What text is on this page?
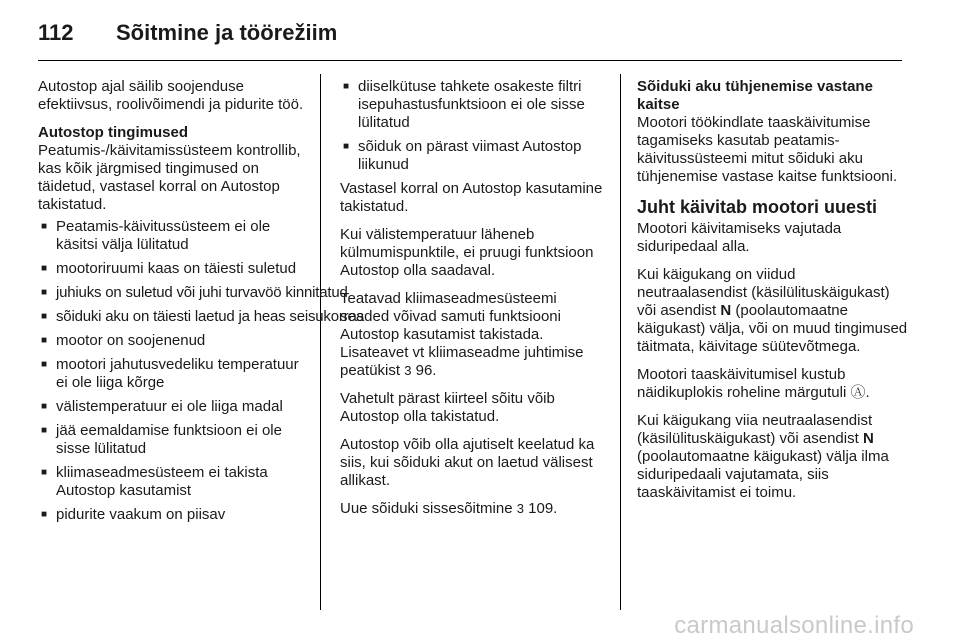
112	Sõitmine ja töörežiim

Autostop ajal säilib soojenduse efektiivsus, roolivõimendi ja pidurite töö.

Autostop tingimused
Peatumis-/käivitamissüsteem kontrollib, kas kõik järgmised tingimused on täidetud, vastasel korral on Autostop takistatud.

■ Peatamis-käivitussüsteem ei ole käsitsi välja lülitatud
■ mootoriruumi kaas on täiesti suletud
■ juhiuks on suletud või juhi turvavöö kinnitatud
■ sõiduki aku on täiesti laetud ja heas seisukorras
■ mootor on soojenenud
■ mootori jahutusvedeliku temperatuur ei ole liiga kõrge
■ välistemperatuur ei ole liiga madal
■ jää eemaldamise funktsioon ei ole sisse lülitatud
■ kliimaseadmesüsteem ei takista Autostop kasutamist
■ pidurite vaakum on piisav
■ diiselkütuse tahkete osakeste filtri isepuhastusfunktsioon ei ole sisse lülitatud
■ sõiduk on pärast viimast Autostop liikunud

Vastasel korral on Autostop kasutamine takistatud.

Kui välistemperatuur läheneb külmumispunktile, ei pruugi funktsioon Autostop olla saadaval.

Teatavad kliimaseadmesüsteemi seaded võivad samuti funktsiooni Autostop kasutamist takistada. Lisateavet vt kliimaseadme juhtimise peatükist 3 96.

Vahetult pärast kiirteel sõitu võib Autostop olla takistatud.

Autostop võib olla ajutiselt keelatud ka siis, kui sõiduki akut on laetud välisest allikast.

Uue sõiduki sissesõitmine 3 109.

Sõiduki aku tühjenemise vastane kaitse
Mootori töökindlate taaskäivitumise tagamiseks kasutab peatamis-käivitussüsteemi mitut sõiduki aku tühjenemise vastase kaitse funktsiooni.

Juht käivitab mootori uuesti

Mootori käivitamiseks vajutada siduripedaal alla.

Kui käigukang on viidud neutraalasendist (käsilülituskäigukast) või asendist N (poolautomaatne käigukast) välja, või on muud tingimused täitmata, käivitage süütevõtmega.

Mootori taaskäivitumisel kustub näidikuplokis roheline märgutuli Ⓐ.

Kui käigukang viia neutraalasendist (käsilülituskäigukast) või asendist N (poolautomaatne käigukast) välja ilma siduripedaali vajutamata, siis taaskäivitamist ei toimu.

carmanualsonline.info
